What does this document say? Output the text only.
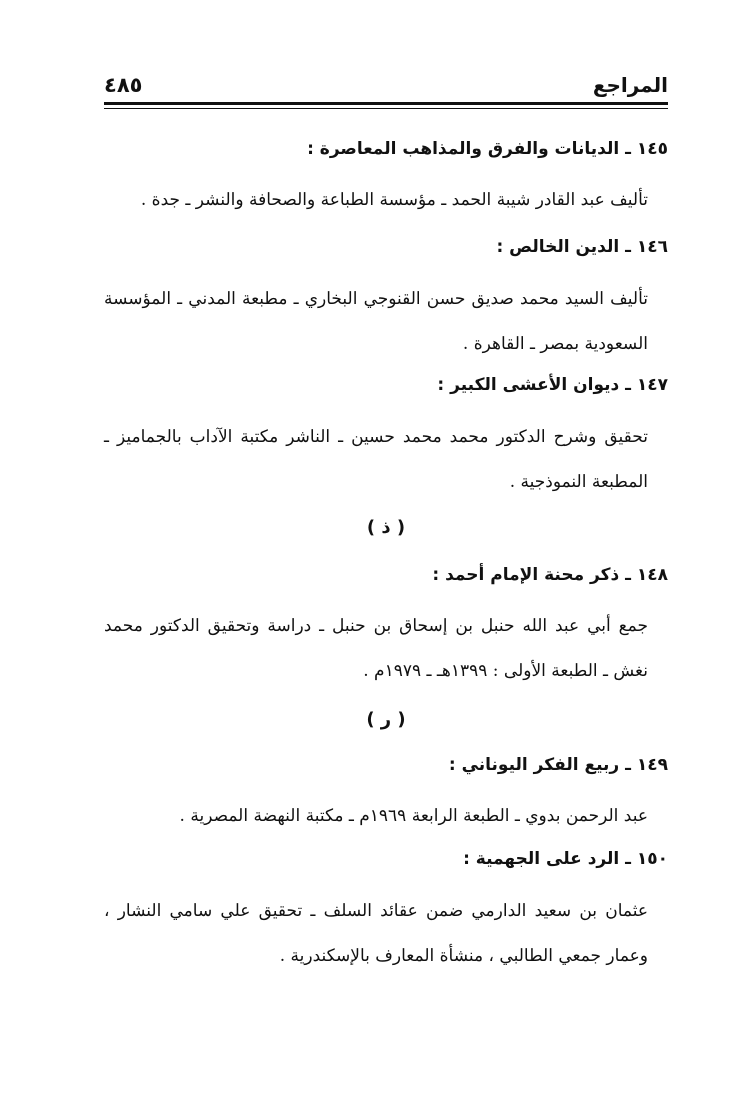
المراجع
٤٨٥
١٤٥ ـ الديانات والفرق والمذاهب المعاصرة :
تأليف عبد القادر شيبة الحمد ـ مؤسسة الطباعة والصحافة والنشر ـ جدة .
١٤٦ ـ الدين الخالص :
تأليف السيد محمد صديق حسن القنوجي البخاري ـ مطبعة المدني ـ المؤسسة السعودية بمصر ـ القاهرة .
١٤٧ ـ ديوان الأعشى الكبير :
تحقيق وشرح الدكتور محمد محمد حسين ـ الناشر مكتبة الآداب بالجماميز ـ المطبعة النموذجية .
( ذ )
١٤٨ ـ ذكر محنة الإمام أحمد :
جمع أبي عبد الله حنبل بن إسحاق بن حنبل ـ دراسة وتحقيق الدكتور محمد نغش ـ الطبعة الأولى : ١٣٩٩هـ ـ ١٩٧٩م .
( ر )
١٤٩ ـ ربيع الفكر اليوناني :
عبد الرحمن بدوي ـ الطبعة الرابعة ١٩٦٩م ـ مكتبة النهضة المصرية .
١٥٠ ـ الرد على الجهمية :
عثمان بن سعيد الدارمي ضمن عقائد السلف ـ تحقيق علي سامي النشار ، وعمار جمعي الطالبي ، منشأة المعارف بالإسكندرية .
